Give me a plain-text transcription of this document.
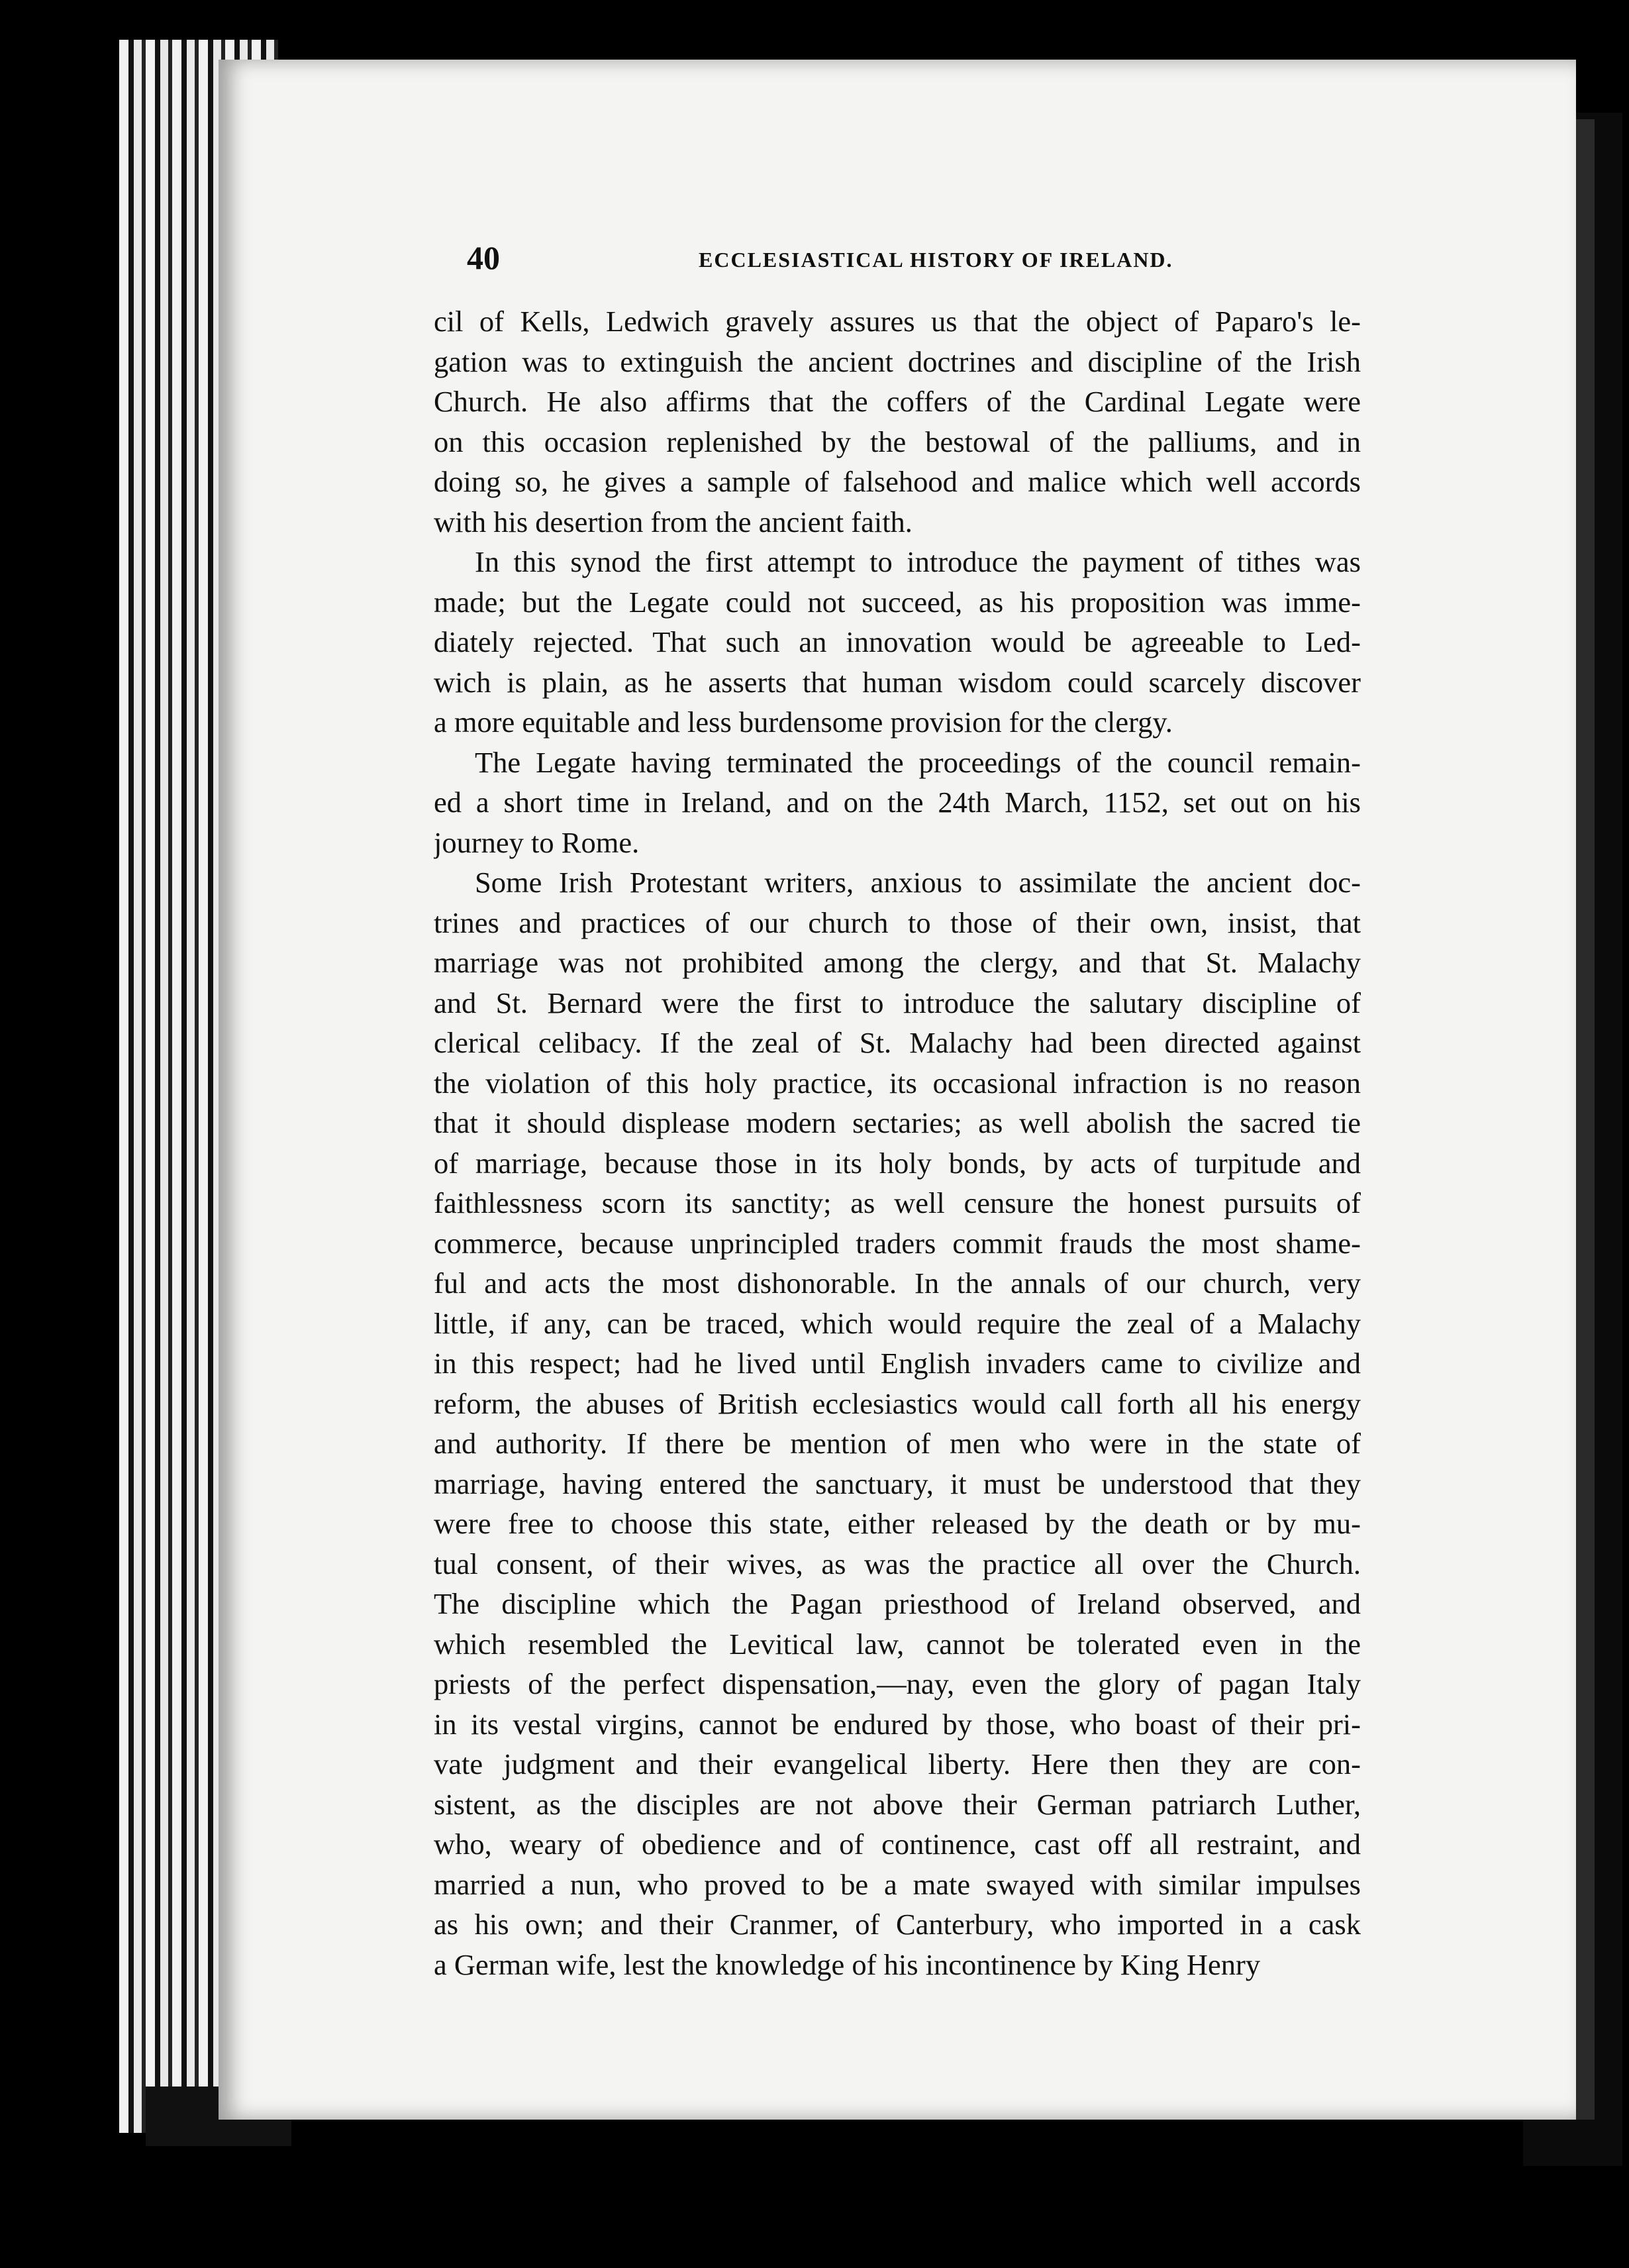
40	ECCLESIASTICAL HISTORY OF IRELAND.
cil of Kells, Ledwich gravely assures us that the object of Paparo's le-
gation was to extinguish the ancient doctrines and discipline of the Irish
Church. He also affirms that the coffers of the Cardinal Legate were
on this occasion replenished by the bestowal of the palliums, and in
doing so, he gives a sample of falsehood and malice which well accords
with his desertion from the ancient faith.
In this synod the first attempt to introduce the payment of tithes was
made; but the Legate could not succeed, as his proposition was imme-
diately rejected. That such an innovation would be agreeable to Led-
wich is plain, as he asserts that human wisdom could scarcely discover
a more equitable and less burdensome provision for the clergy.
The Legate having terminated the proceedings of the council remain-
ed a short time in Ireland, and on the 24th March, 1152, set out on his
journey to Rome.
Some Irish Protestant writers, anxious to assimilate the ancient doc-
trines and practices of our church to those of their own, insist, that
marriage was not prohibited among the clergy, and that St. Malachy
and St. Bernard were the first to introduce the salutary discipline of
clerical celibacy. If the zeal of St. Malachy had been directed against
the violation of this holy practice, its occasional infraction is no reason
that it should displease modern sectaries; as well abolish the sacred tie
of marriage, because those in its holy bonds, by acts of turpitude and
faithlessness scorn its sanctity; as well censure the honest pursuits of
commerce, because unprincipled traders commit frauds the most shame-
ful and acts the most dishonorable. In the annals of our church, very
little, if any, can be traced, which would require the zeal of a Malachy
in this respect; had he lived until English invaders came to civilize and
reform, the abuses of British ecclesiastics would call forth all his energy
and authority. If there be mention of men who were in the state of
marriage, having entered the sanctuary, it must be understood that they
were free to choose this state, either released by the death or by mu-
tual consent, of their wives, as was the practice all over the Church.
The discipline which the Pagan priesthood of Ireland observed, and
which resembled the Levitical law, cannot be tolerated even in the
priests of the perfect dispensation,—nay, even the glory of pagan Italy
in its vestal virgins, cannot be endured by those, who boast of their pri-
vate judgment and their evangelical liberty. Here then they are con-
sistent, as the disciples are not above their German patriarch Luther,
who, weary of obedience and of continence, cast off all restraint, and
married a nun, who proved to be a mate swayed with similar impulses
as his own; and their Cranmer, of Canterbury, who imported in a cask
a German wife, lest the knowledge of his incontinence by King Henry
